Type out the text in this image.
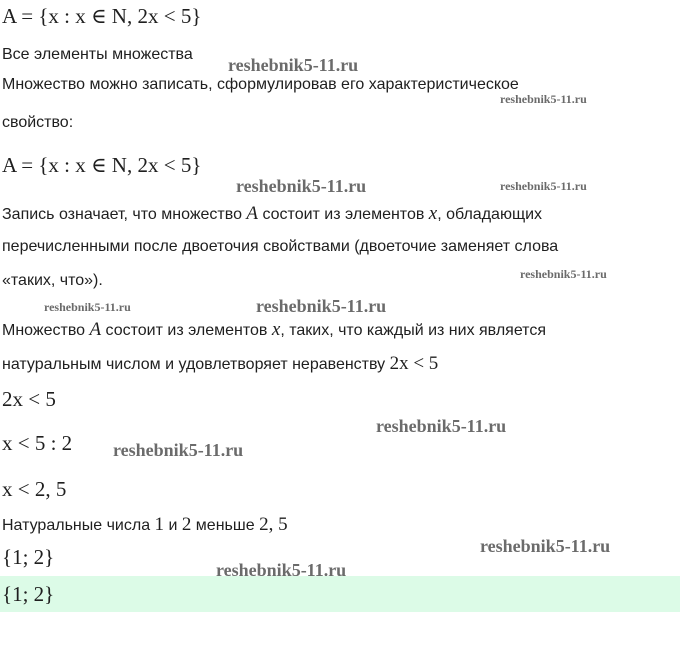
A = {x : x ∈ N, 2x < 5}
Все элементы множества
Множество можно записать, сформулировав его характеристическое
свойство:
A = {x : x ∈ N, 2x < 5}
Запись означает, что множество A состоит из элементов x, обладающих
перечисленными после двоеточия свойствами (двоеточие заменяет слова
«таких, что»).
Множество A состоит из элементов x, таких, что каждый из них является
натуральным числом и удовлетворяет неравенству 2x < 5
2x < 5
x < 5 : 2
x < 2, 5
Натуральные числа 1 и 2 меньше 2, 5
{1; 2}
{1; 2}
reshebnik5-11.ru
reshebnik5-11.ru
reshebnik5-11.ru	reshebnik5-11.ru
reshebnik5-11.ru
reshebnik5-11.ru	reshebnik5-11.ru
reshebnik5-11.ru
reshebnik5-11.ru
reshebnik5-11.ru
reshebnik5-11.ru
